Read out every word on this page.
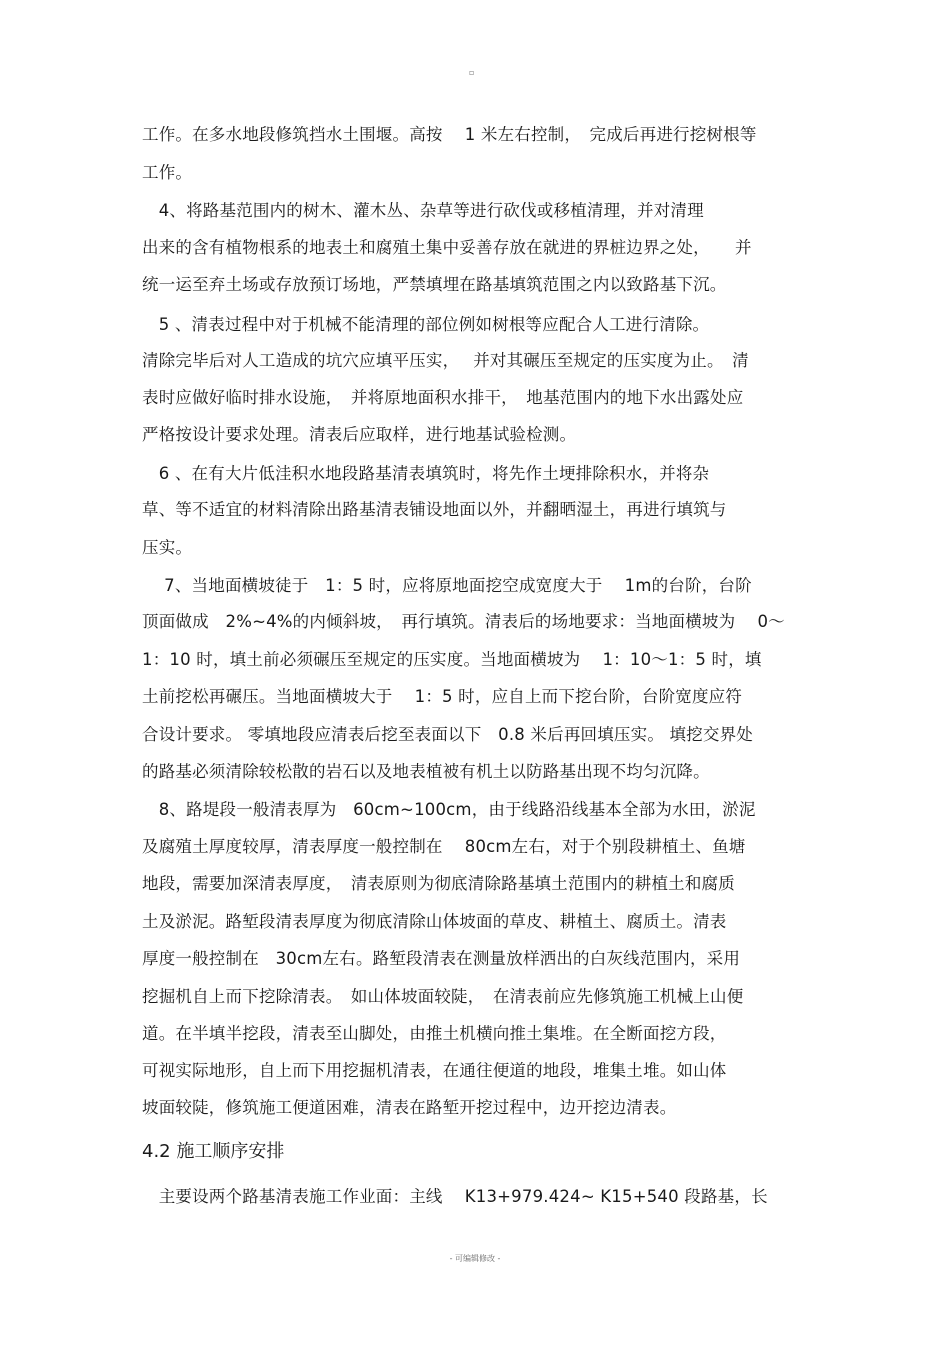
▫
工作。在多水地段修筑挡水土围堰。高按　 1 米左右控制，　完成后再进行挖树根等
工作。
　4、将路基范围内的树木、灌木丛、杂草等进行砍伐或移植清理，并对清理
出来的含有植物根系的地表土和腐殖土集中妥善存放在就进的界桩边界之处，　　并
统一运至弃土场或存放预订场地，严禁填埋在路基填筑范围之内以致路基下沉。
　5 、清表过程中对于机械不能清理的部位例如树根等应配合人工进行清除。
清除完毕后对人工造成的坑穴应填平压实，　 并对其碾压至规定的压实度为止。　清
表时应做好临时排水设施，　并将原地面积水排干，　地基范围内的地下水出露处应
严格按设计要求处理。清表后应取样，进行地基试验检测。
　6 、在有大片低洼积水地段路基清表填筑时，将先作土埂排除积水，并将杂
草、等不适宜的材料清除出路基清表铺设地面以外，并翻晒湿土，再进行填筑与
压实。
　 7、当地面横坡徒于　1：5 时，应将原地面挖空成宽度大于　 1m的台阶，台阶
顶面做成　2%~4%的内倾斜坡，　再行填筑。清表后的场地要求：当地面横坡为　 0～
1：10 时，填土前必须碾压至规定的压实度。当地面横坡为　 1：10～1：5 时，填
土前挖松再碾压。当地面横坡大于　 1：5 时，应自上而下挖台阶，台阶宽度应符
合设计要求。 零填地段应清表后挖至表面以下　0.8 米后再回填压实。 填挖交界处
的路基必须清除较松散的岩石以及地表植被有机土以防路基出现不均匀沉降。
　8、路堤段一般清表厚为　60cm~100cm，由于线路沿线基本全部为水田，淤泥
及腐殖土厚度较厚，清表厚度一般控制在　 80cm左右，对于个别段耕植土、鱼塘
地段，需要加深清表厚度，　清表原则为彻底清除路基填土范围内的耕植土和腐质
土及淤泥。路堑段清表厚度为彻底清除山体坡面的草皮、耕植土、腐质土。清表
厚度一般控制在　30cm左右。路堑段清表在测量放样洒出的白灰线范围内，采用
挖掘机自上而下挖除清表。　如山体坡面较陡，　在清表前应先修筑施工机械上山便
道。在半填半挖段，清表至山脚处，由推土机横向推土集堆。在全断面挖方段，
可视实际地形，自上而下用挖掘机清表，在通往便道的地段，堆集土堆。如山体
坡面较陡，修筑施工便道困难，清表在路堑开挖过程中，边开挖边清表。
4.2 施工顺序安排
　主要设两个路基清表施工作业面：主线　 K13+979.424~ K15+540 段路基，长
- 可编辑修改 -
